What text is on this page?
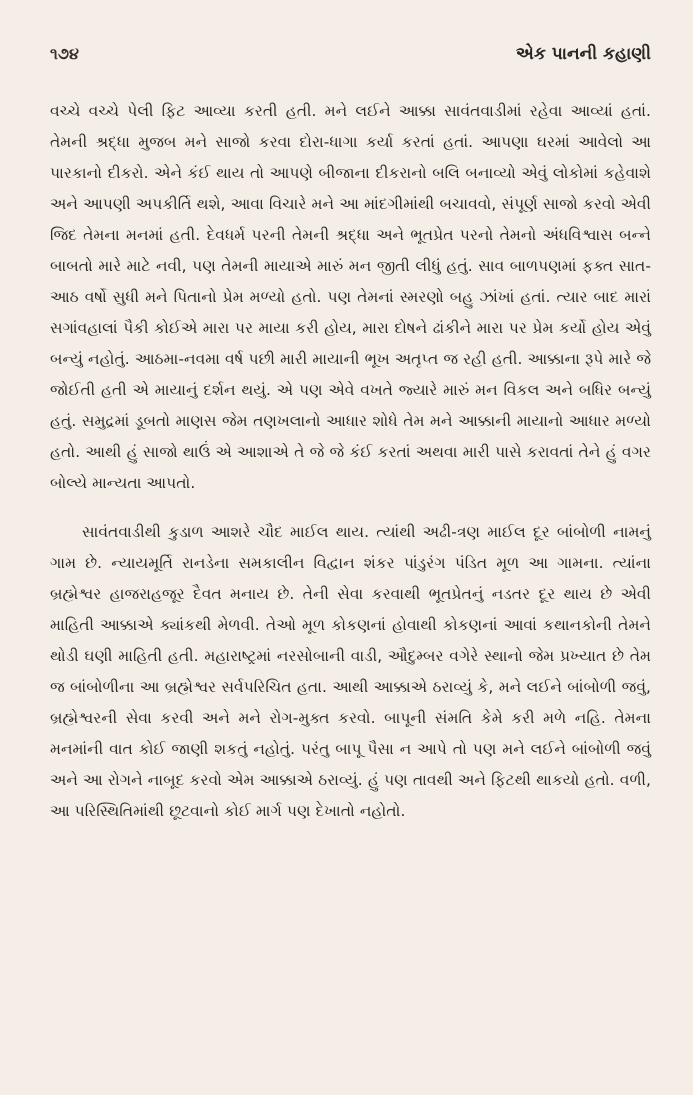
૧૭૪	એક પાનની કહાણી

વચ્ચે વચ્ચે પેલી ફિટ આવ્યા કરતી હતી. મને લઈને આક્કા સાવંતવાડીમાં રહેવા આવ્યાં હતાં. તેમની શ્રદ્ધા મુજબ મને સાજો કરવા દોરા-ધાગા કર્યા કરતાં હતાં. આપણા ઘરમાં આવેલો આ પારકાનો દીકરો. એને કંઈ થાય તો આપણે બીજાના દીકરાનો બલિ બનાવ્યો એવું લોકોમાં કહેવાશે અને આપણી અપકીર્તિ થશે, આવા વિચારે મને આ માંદગીમાંથી બચાવવો, સંપૂર્ણ સાજો કરવો એવી જિદ તેમના મનમાં હતી. દેવધર્મ પરની તેમની શ્રદ્ધા અને ભૂતપ્રેત પરનો તેમનો અંધવિશ્વાસ બન્ને બાબતો મારે માટે નવી, પણ તેમની માયાએ મારું મન જીતી લીધું હતું. સાવ બાળપણમાં ફક્ત સાત-આઠ વર્ષો સુધી મને પિતાનો પ્રેમ મળ્યો હતો. પણ તેમનાં સ્મરણો બહુ ઝાંખાં હતાં. ત્યાર બાદ મારાં સગાંવહાલાં પૈકી કોઈએ મારા પર માયા કરી હોય, મારા દોષને ઢાંકીને મારા પર પ્રેમ કર્યો હોય એવું બન્યું નહોતું. આઠમા-નવમા વર્ષ પછી મારી માયાની ભૂખ અતૃપ્ત જ રહી હતી. આક્કાના રૂપે મારે જે જોઈતી હતી એ માયાનું દર્શન થયું. એ પણ એવે વખતે જ્યારે મારું મન વિકલ અને બધિર બન્યું હતું. સમુદ્રમાં ડૂબતો માણસ જેમ તણખલાનો આધાર શોધે તેમ મને આક્કાની માયાનો આધાર મળ્યો હતો. આથી હું સાજો થાઉં એ આશાએ તે જે જે કંઈ કરતાં અથવા મારી પાસે કરાવતાં તેને હું વગર બોલ્યે માન્યતા આપતો.

સાવંતવાડીથી કુડાળ આશરે ચૌદ માઈલ થાય. ત્યાંથી અઢી-ત્રણ માઈલ દૂર બાંબોળી નામનું ગામ છે. ન્યાયમૂર્તિ રાનડેના સમકાલીન વિદ્વાન શંકર પાંડુરંગ પંડિત મૂળ આ ગામના. ત્યાંના બ્રહ્મેશ્વર હાજરાહજૂર દૈવત મનાય છે. તેની સેવા કરવાથી ભૂતપ્રેતનું નડતર દૂર થાય છે એવી માહિતી આક્કાએ ક્યાંકથી મેળવી. તેઓ મૂળ કોકણનાં હોવાથી કોકણનાં આવાં કથાનકોની તેમને થોડી ઘણી માહિતી હતી. મહારાષ્ટ્રમાં નરસોબાની વાડી, ઔદુમ્બર વગેરે સ્થાનો જેમ પ્રખ્યાત છે તેમ જ બાંબોળીના આ બ્રહ્મેશ્વર સર્વપરિચિત હતા. આથી આક્કાએ ઠરાવ્યું કે, મને લઈને બાંબોળી જવું, બ્રહ્મેશ્વરની સેવા કરવી અને મને રોગ-મુક્ત કરવો. બાપૂની સંમતિ કેમે કરી મળે નહિ. તેમના મનમાંની વાત કોઈ જાણી શકતું નહોતું. પરંતુ બાપૂ પૈસા ન આપે તો પણ મને લઈને બાંબોળી જવું અને આ રોગને નાબૂદ કરવો એમ આક્કાએ ઠરાવ્યું. હું પણ તાવથી અને ફિટથી થાકયો હતો. વળી, આ પરિસ્થિતિમાંથી છૂટવાનો કોઈ માર્ગ પણ દેખાતો નહોતો.
